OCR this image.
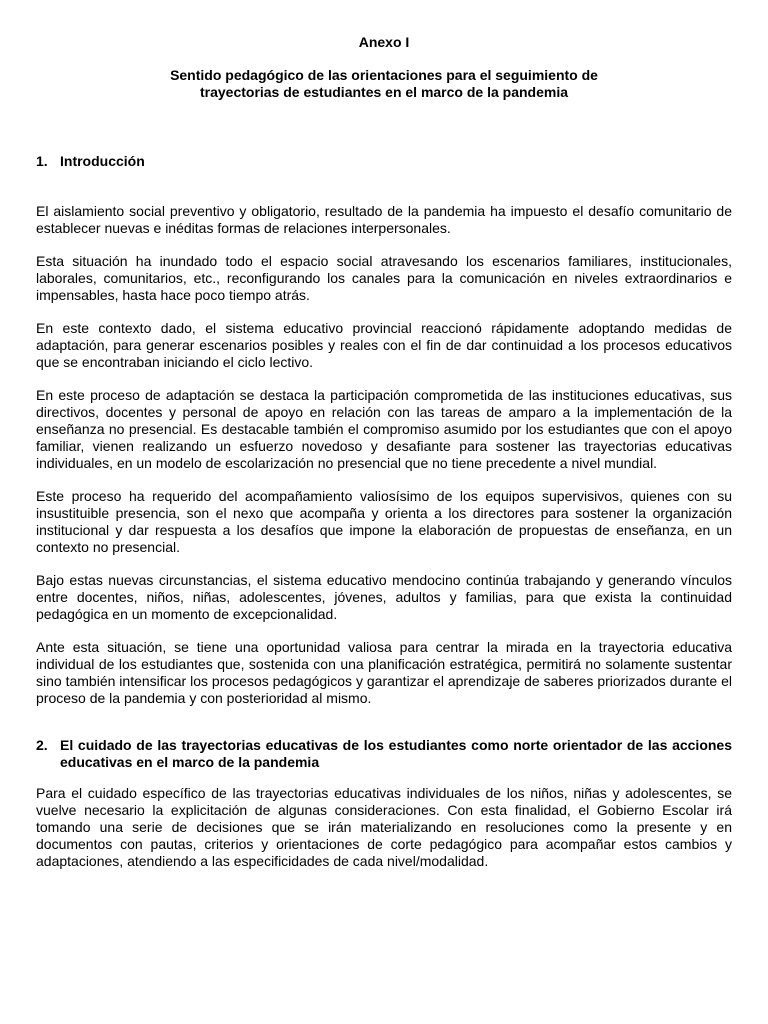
Anexo I

Sentido pedagógico de las orientaciones para el seguimiento de

trayectorias de estudiantes en el marco de la pandemia

1. Introducción

El aislamiento social preventivo y obligatorio, resultado de la pandemia ha impuesto el desafío comunitario de establecer nuevas e inéditas formas de relaciones interpersonales.

Esta situación ha inundado todo el espacio social atravesando los escenarios familiares, institucionales, laborales, comunitarios, etc., reconfigurando los canales para la comunicación en niveles extraordinarios e impensables, hasta hace poco tiempo atrás.

En este contexto dado, el sistema educativo provincial reaccionó rápidamente adoptando medidas de adaptación, para generar escenarios posibles y reales con el fin de dar continuidad a los procesos educativos que se encontraban iniciando el ciclo lectivo.

En este proceso de adaptación se destaca la participación comprometida de las instituciones educativas, sus directivos, docentes y personal de apoyo en relación con las tareas de amparo a la implementación de la enseñanza no presencial. Es destacable también el compromiso asumido por los estudiantes que con el apoyo familiar, vienen realizando un esfuerzo novedoso y desafiante para sostener las trayectorias educativas individuales, en un modelo de escolarización no presencial que no tiene precedente a nivel mundial.

Este proceso ha requerido del acompañamiento valiosísimo de los equipos supervisivos, quienes con su insustituible presencia, son el nexo que acompaña y orienta a los directores para sostener la organización institucional y dar respuesta a los desafíos que impone la elaboración de propuestas de enseñanza, en un contexto no presencial.

Bajo estas nuevas circunstancias, el sistema educativo mendocino continúa trabajando y generando vínculos entre docentes, niños, niñas, adolescentes, jóvenes, adultos y familias, para que exista la continuidad pedagógica en un momento de excepcionalidad.

Ante esta situación, se tiene una oportunidad valiosa para centrar la mirada en la trayectoria educativa individual de los estudiantes que, sostenida con una planificación estratégica, permitirá no solamente sustentar sino también intensificar los procesos pedagógicos y garantizar el aprendizaje de saberes priorizados durante el proceso de la pandemia y con posterioridad al mismo.

2. El cuidado de las trayectorias educativas de los estudiantes como norte orientador de las acciones educativas en el marco de la pandemia

Para el cuidado específico de las trayectorias educativas individuales de los niños, niñas y adolescentes, se vuelve necesario la explicitación de algunas consideraciones. Con esta finalidad, el Gobierno Escolar irá tomando una serie de decisiones que se irán materializando en resoluciones como la presente y en documentos con pautas, criterios y orientaciones de corte pedagógico para acompañar estos cambios y adaptaciones, atendiendo a las especificidades de cada nivel/modalidad.
